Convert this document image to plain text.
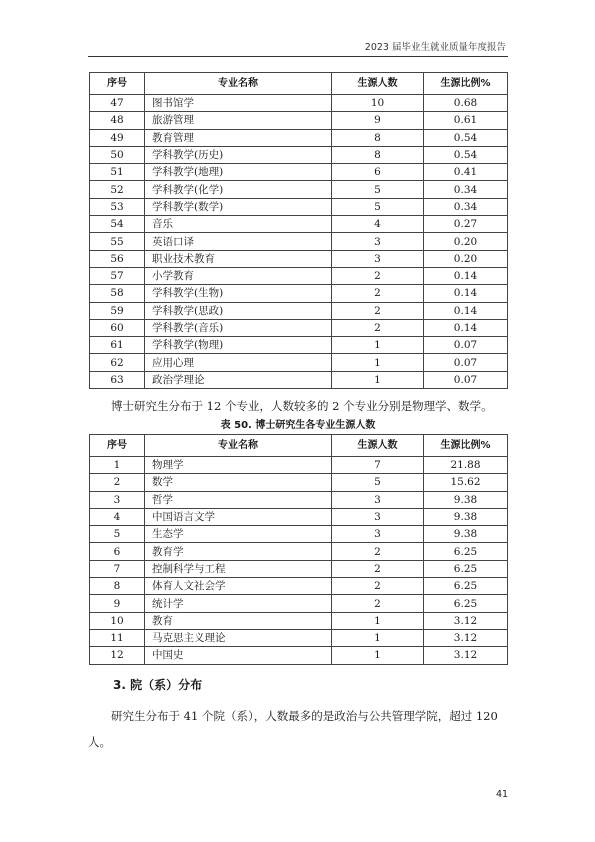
2023 届毕业生就业质量年度报告
序号	专业名称	生源人数	生源比例%
47	图书馆学	10	0.68
48	旅游管理	9	0.61
49	教育管理	8	0.54
50	学科教学(历史)	8	0.54
51	学科教学(地理)	6	0.41
52	学科教学(化学)	5	0.34
53	学科教学(数学)	5	0.34
54	音乐	4	0.27
55	英语口译	3	0.20
56	职业技术教育	3	0.20
57	小学教育	2	0.14
58	学科教学(生物)	2	0.14
59	学科教学(思政)	2	0.14
60	学科教学(音乐)	2	0.14
61	学科教学(物理)	1	0.07
62	应用心理	1	0.07
63	政治学理论	1	0.07

博士研究生分布于 12 个专业，人数较多的 2 个专业分别是物理学、数学。

表 50. 博士研究生各专业生源人数
序号	专业名称	生源人数	生源比例%
1	物理学	7	21.88
2	数学	5	15.62
3	哲学	3	9.38
4	中国语言文学	3	9.38
5	生态学	3	9.38
6	教育学	2	6.25
7	控制科学与工程	2	6.25
8	体育人文社会学	2	6.25
9	统计学	2	6.25
10	教育	1	3.12
11	马克思主义理论	1	3.12
12	中国史	1	3.12
3. 院（系）分布

研究生分布于 41 个院（系），人数最多的是政治与公共管理学院，超过 120 人。

41
